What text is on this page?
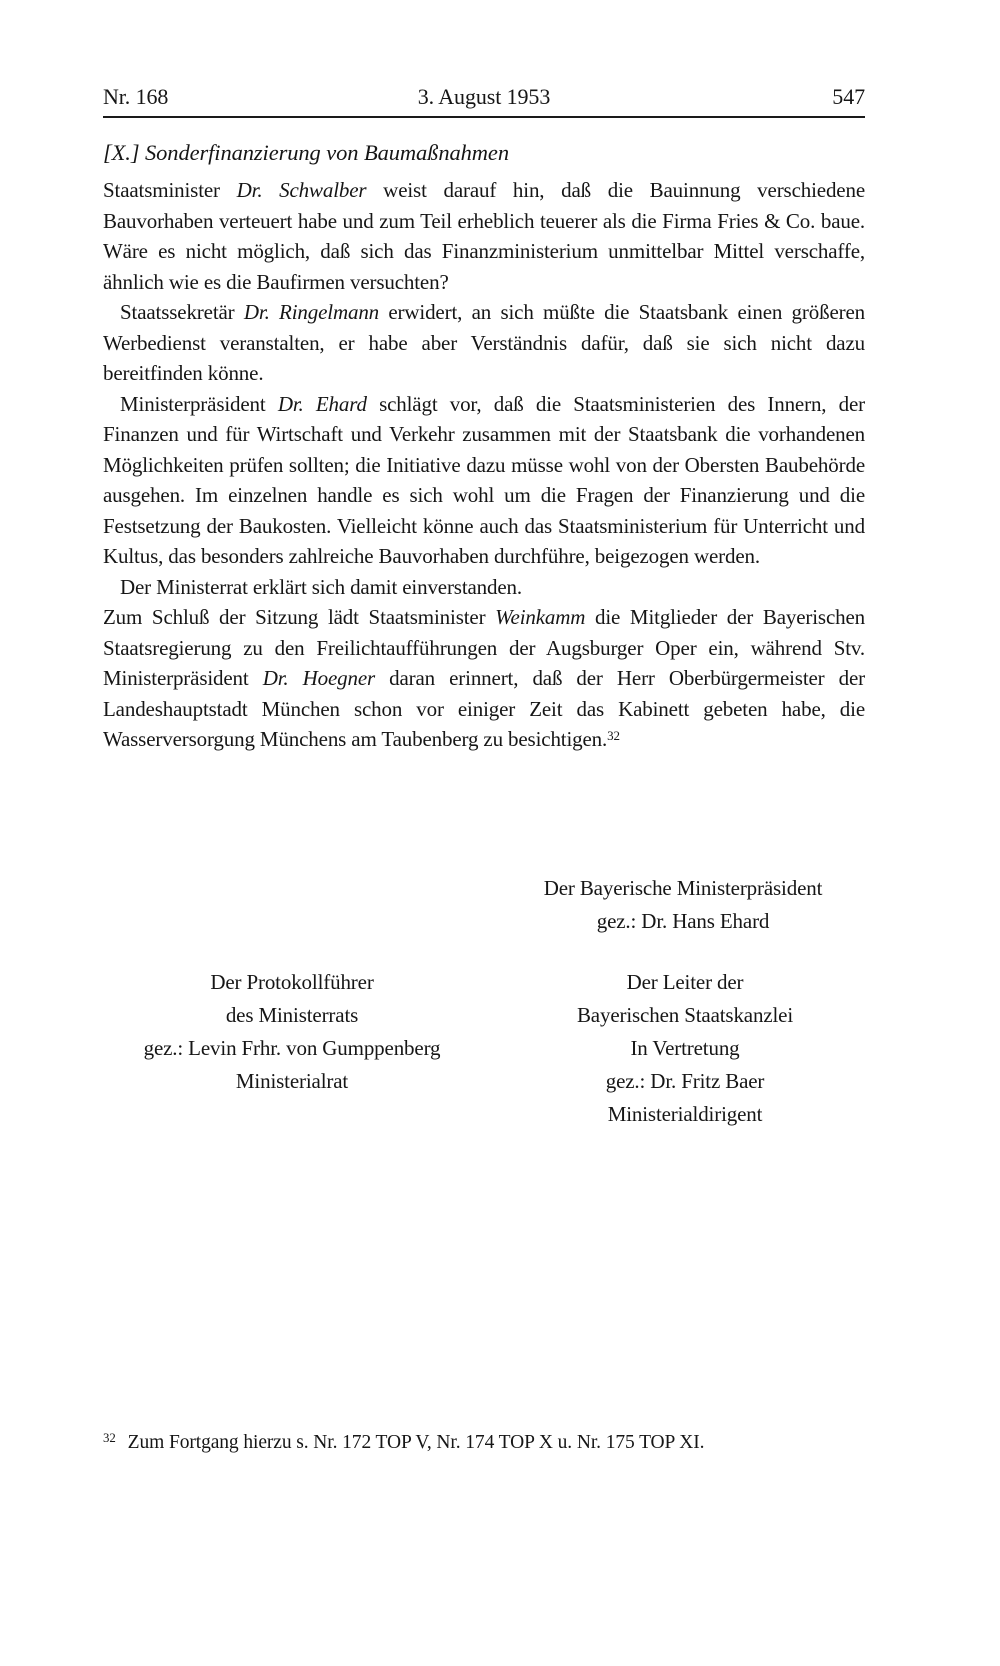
Nr. 168	3. August 1953	547
[X.] Sonderfinanzierung von Baumaßnahmen

Staatsminister Dr. Schwalber weist darauf hin, daß die Bauinnung verschiedene Bauvorhaben verteuert habe und zum Teil erheblich teuerer als die Firma Fries & Co. baue. Wäre es nicht möglich, daß sich das Finanzministerium unmittelbar Mittel verschaffe, ähnlich wie es die Baufirmen versuchten?

Staatssekretär Dr. Ringelmann erwidert, an sich müßte die Staatsbank einen größeren Werbedienst veranstalten, er habe aber Verständnis dafür, daß sie sich nicht dazu bereitfinden könne.

Ministerpräsident Dr. Ehard schlägt vor, daß die Staatsministerien des Innern, der Finanzen und für Wirtschaft und Verkehr zusammen mit der Staatsbank die vorhandenen Möglichkeiten prüfen sollten; die Initiative dazu müsse wohl von der Obersten Baubehörde ausgehen. Im einzelnen handle es sich wohl um die Fragen der Finanzierung und die Festsetzung der Baukosten. Vielleicht könne auch das Staatsministerium für Unterricht und Kultus, das besonders zahlreiche Bauvorhaben durchführe, beigezogen werden.

Der Ministerrat erklärt sich damit einverstanden.

Zum Schluß der Sitzung lädt Staatsminister Weinkamm die Mitglieder der Bayerischen Staatsregierung zu den Freilichtaufführungen der Augsburger Oper ein, während Stv. Ministerpräsident Dr. Hoegner daran erinnert, daß der Herr Oberbürgermeister der Landeshauptstadt München schon vor einiger Zeit das Kabinett gebeten habe, die Wasserversorgung Münchens am Taubenberg zu besichtigen.$^{32}$

Der Bayerische Ministerpräsident
gez.: Dr. Hans Ehard
Der Protokollführer
des Ministerrats
gez.: Levin Frhr. von Gumppenberg
Ministerialrat
Der Leiter der
Bayerischen Staatskanzlei
In Vertretung
gez.: Dr. Fritz Baer
Ministerialdirigent
$^{32}$ Zum Fortgang hierzu s. Nr. 172 TOP V, Nr. 174 TOP X u. Nr. 175 TOP XI.
